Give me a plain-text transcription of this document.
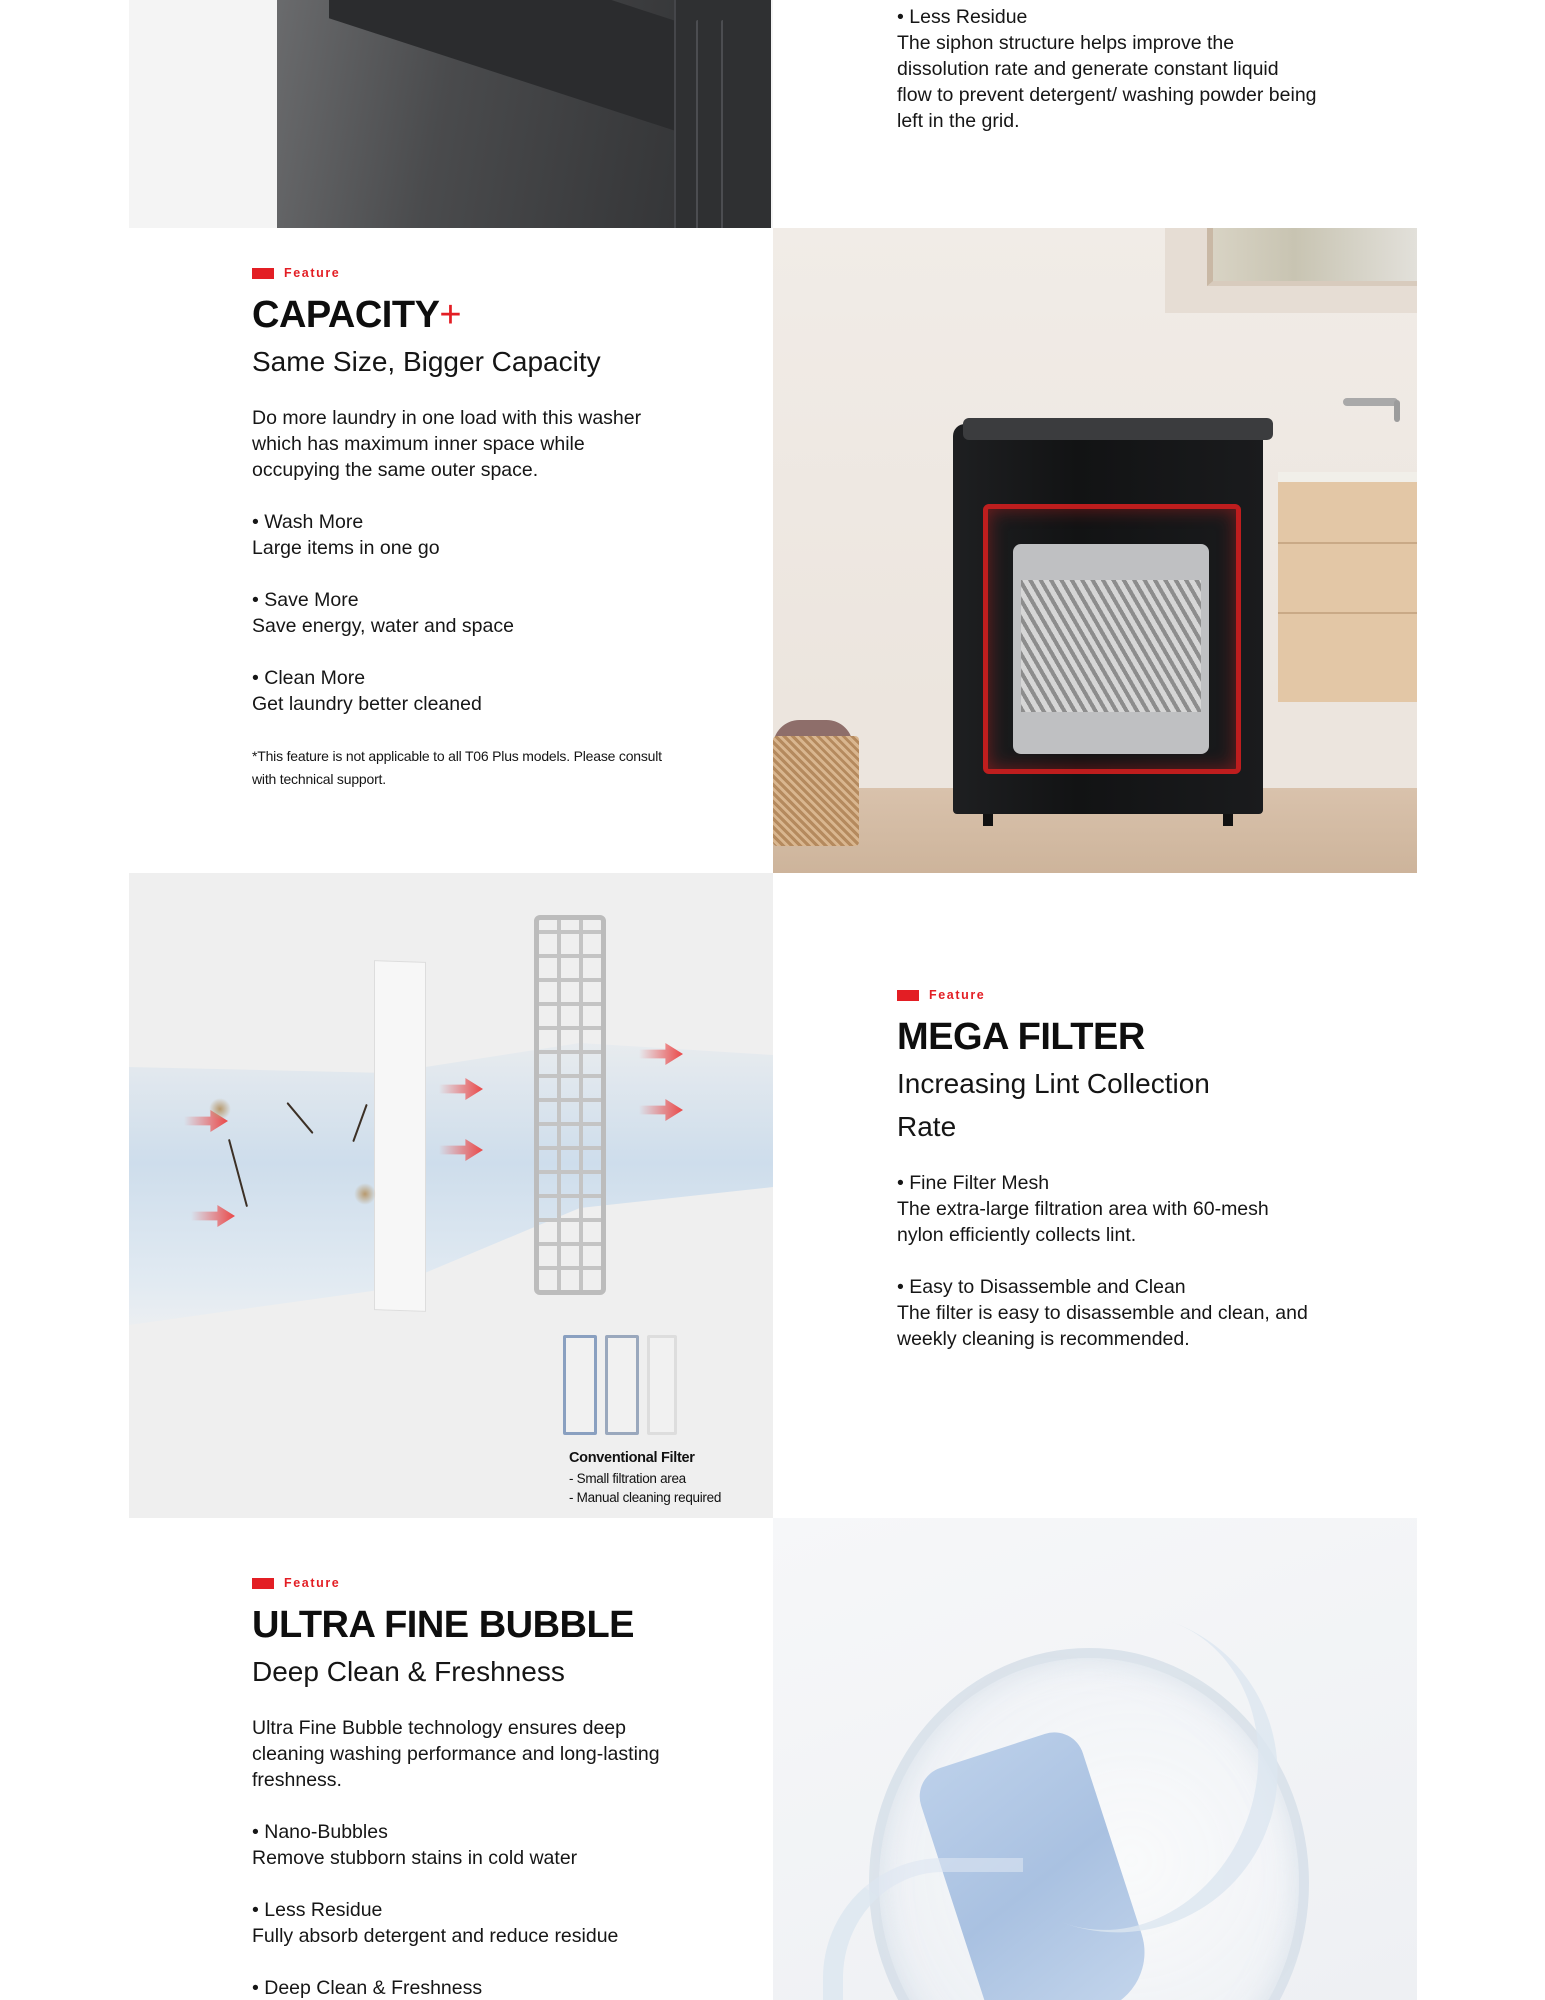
• Less Residue
The siphon structure helps improve the dissolution rate and generate constant liquid flow to prevent detergent/ washing powder being left in the grid.
Feature
CAPACITY+
Same Size, Bigger Capacity
Do more laundry in one load with this washer which has maximum inner space while occupying the same outer space.
• Wash More
Large items in one go
• Save More
Save energy, water and space
• Clean More
Get laundry better cleaned
*This feature is not applicable to all T06 Plus models. Please consult with technical support.
Conventional Filter
- Small filtration area
- Manual cleaning required
Feature
MEGA FILTER
Increasing Lint Collection Rate
• Fine Filter Mesh
The extra-large filtration area with 60-mesh nylon efficiently collects lint.
• Easy to Disassemble and Clean
The filter is easy to disassemble and clean, and weekly cleaning is recommended.
Feature
ULTRA FINE BUBBLE
Deep Clean & Freshness
Ultra Fine Bubble technology ensures deep cleaning washing performance and long-lasting freshness.
• Nano-Bubbles
Remove stubborn stains in cold water
• Less Residue
Fully absorb detergent and reduce residue
• Deep Clean & Freshness
